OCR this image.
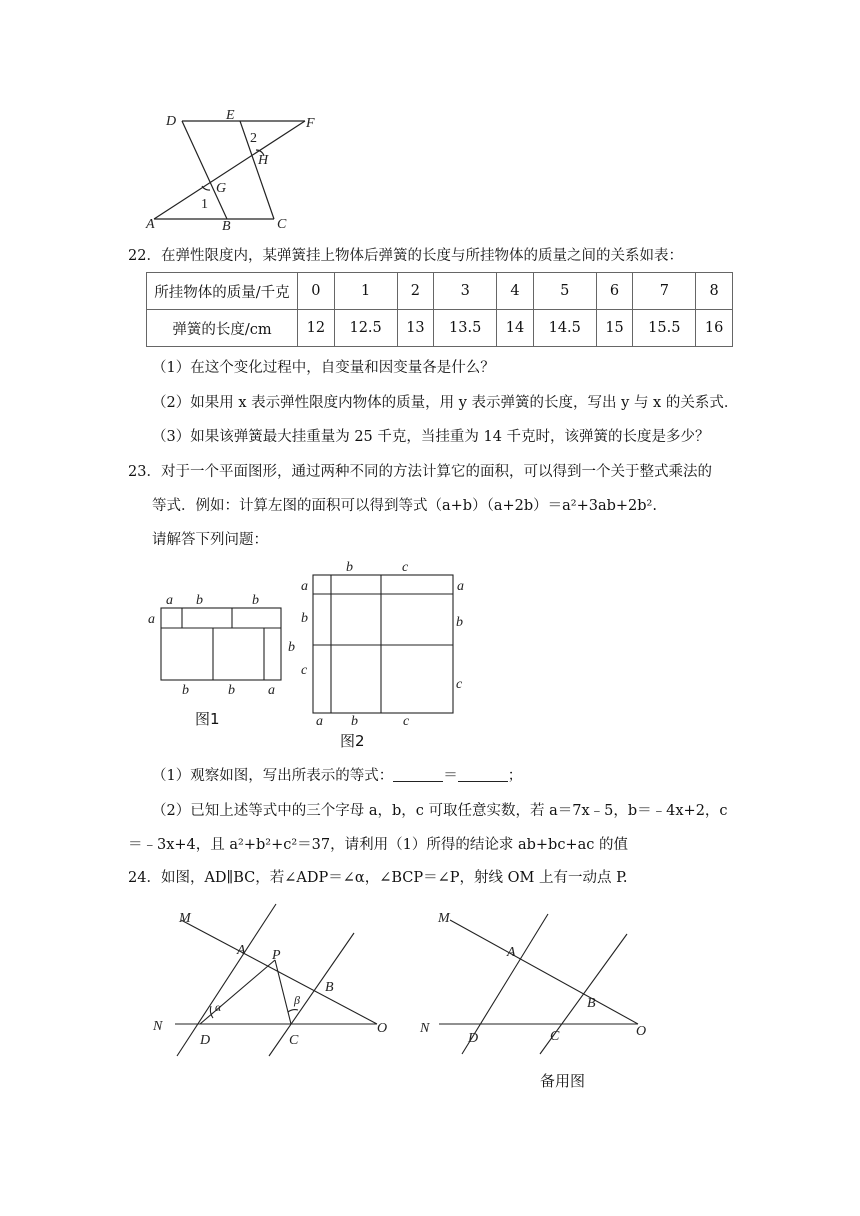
D	E
F
H
G
A	B	C
2
1
22．在弹性限度内，某弹簧挂上物体后弹簧的长度与所挂物体的质量之间的关系如表：
所挂物体的质量/千克	0	1	2	3	4	5	6	7	8
弹簧的长度/cm	12	12.5	13	13.5	14	14.5	15	15.5	16
（1）在这个变化过程中，自变量和因变量各是什么？
（2）如果用 x 表示弹性限度内物体的质量，用 y 表示弹簧的长度，写出 y 与 x 的关系式．
（3）如果该弹簧最大挂重量为 25 千克，当挂重为 14 千克时，该弹簧的长度是多少？
23．对于一个平面图形，通过两种不同的方法计算它的面积，可以得到一个关于整式乘法的
等式．例如：计算左图的面积可以得到等式（a+b）（a+2b）＝a²+3ab+2b².
请解答下列问题：
a b	b
a
b
b	b a
图1
b	c
a	a
b	b
c
c
a b	c
图2
（1）观察如图，写出所表示的等式：	＝	；
（2）已知上述等式中的三个字母 a，b，c 可取任意实数，若 a＝7x﹣5，b＝﹣4x+2，c
＝﹣3x+4，且 a²+b²+c²＝37，请利用（1）所得的结论求 ab+bc+ac 的值
24．如图，AD∥BC，若∠ADP＝∠α，∠BCP＝∠P，射线 OM 上有一动点 P.
M
A P
B
N
D	C
O
α	β
M
A
B
N
D	C	O
备用图
